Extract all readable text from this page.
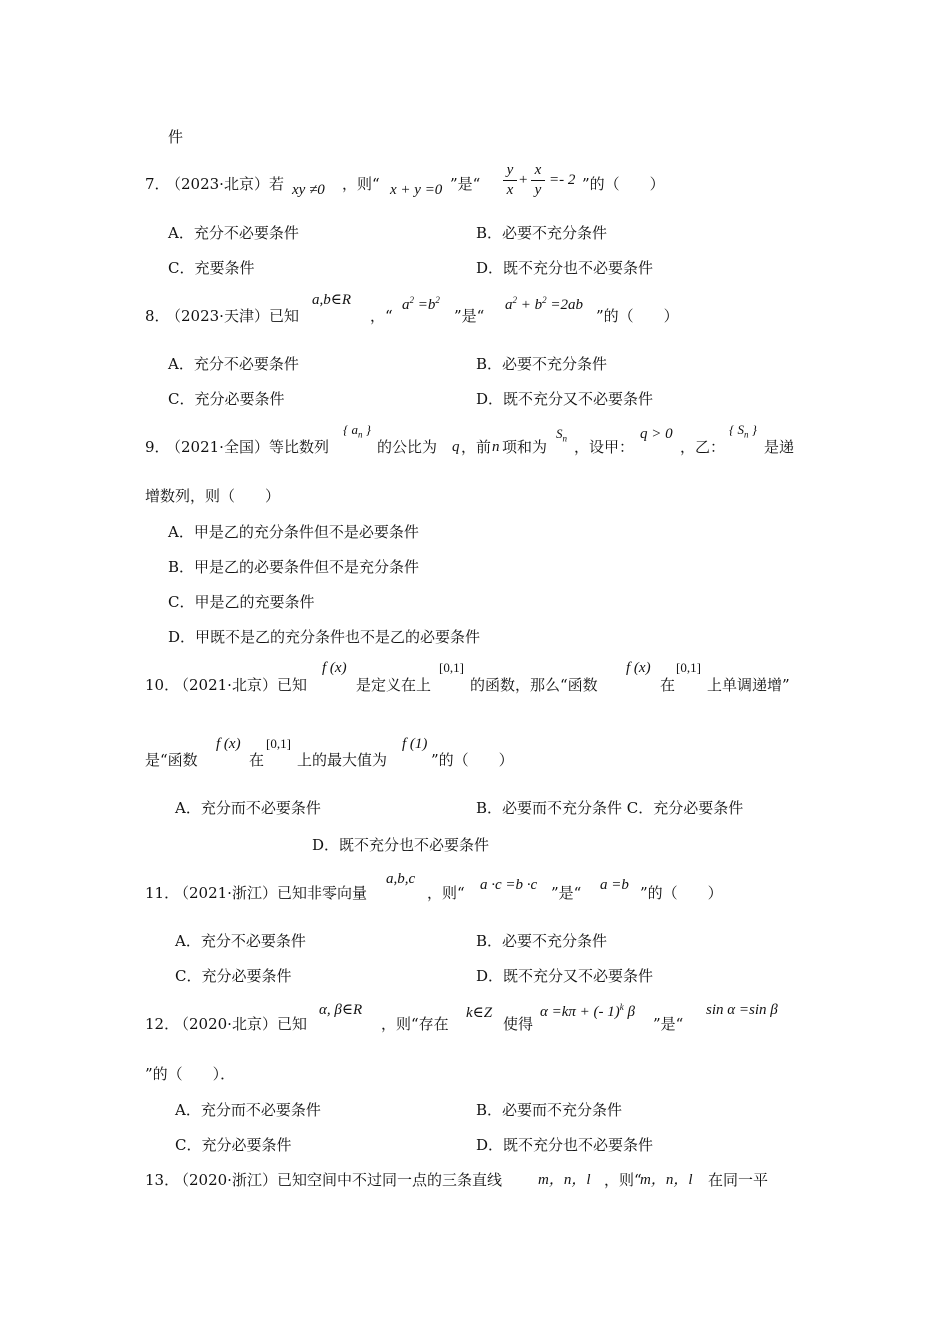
件
7．
（2023·北京）若 xy ≠0 ，则“ x + y =0 ”是“
y
x
+
x
y
=- 2 ”的（　　）
A．充分不必要条件	B．必要不充分条件
C．充要条件	D．既不充分也不必要条件
8．
（2023·天津）已知
a,b∈R
，“
$a^2 =b^2$
”是“
$a^2 + b^2 =2ab$
”的（　　）
A．充分不必要条件	B．必要不充分条件
C．充分必要条件	D．既不充分又不必要条件
9．
（2021·全国）等比数列
{ $a_n$ }
的公比为 q ，前 n 项和为
$S_n$ ，设甲：
q > 0
，乙：
{ $S_n$ }
是递
增数列，则（　　）
A．甲是乙的充分条件但不是必要条件
B．甲是乙的必要条件但不是充分条件
C．甲是乙的充要条件
D．甲既不是乙的充分条件也不是乙的必要条件
10．
（2021·北京）已知
f (x)
是定义在上
[0,1]
的函数，那么“函数
f (x)
在
[0,1]
上单调递增”
是“函数
f (x)
在
[0,1]
上的最大值为
f (1)
”的（　　）
A．充分而不必要条件	B．必要而不充分条件 C．充分必要条件
D．既不充分也不必要条件
11．
（2021·浙江）已知非零向量
a,b,c
，则“ a ·c =b ·c ”是“ a =b ”的（　　）
A．充分不必要条件	B．必要不充分条件
C．充分必要条件	D．既不充分又不必要条件
12．
（2020·北京）已知
α, β∈R
，则“存在
k∈Z
使得
α =kπ + (- 1)$^k$ β
”是“
sin α =sin β
”的（　　）．
A．充分而不必要条件	B．必要而不充分条件
C．充分必要条件	D．既不充分也不必要条件
13．
（2020·浙江）已知空间中不过同一点的三条直线 m，n，l ，则“
m，n，l 在同一平
